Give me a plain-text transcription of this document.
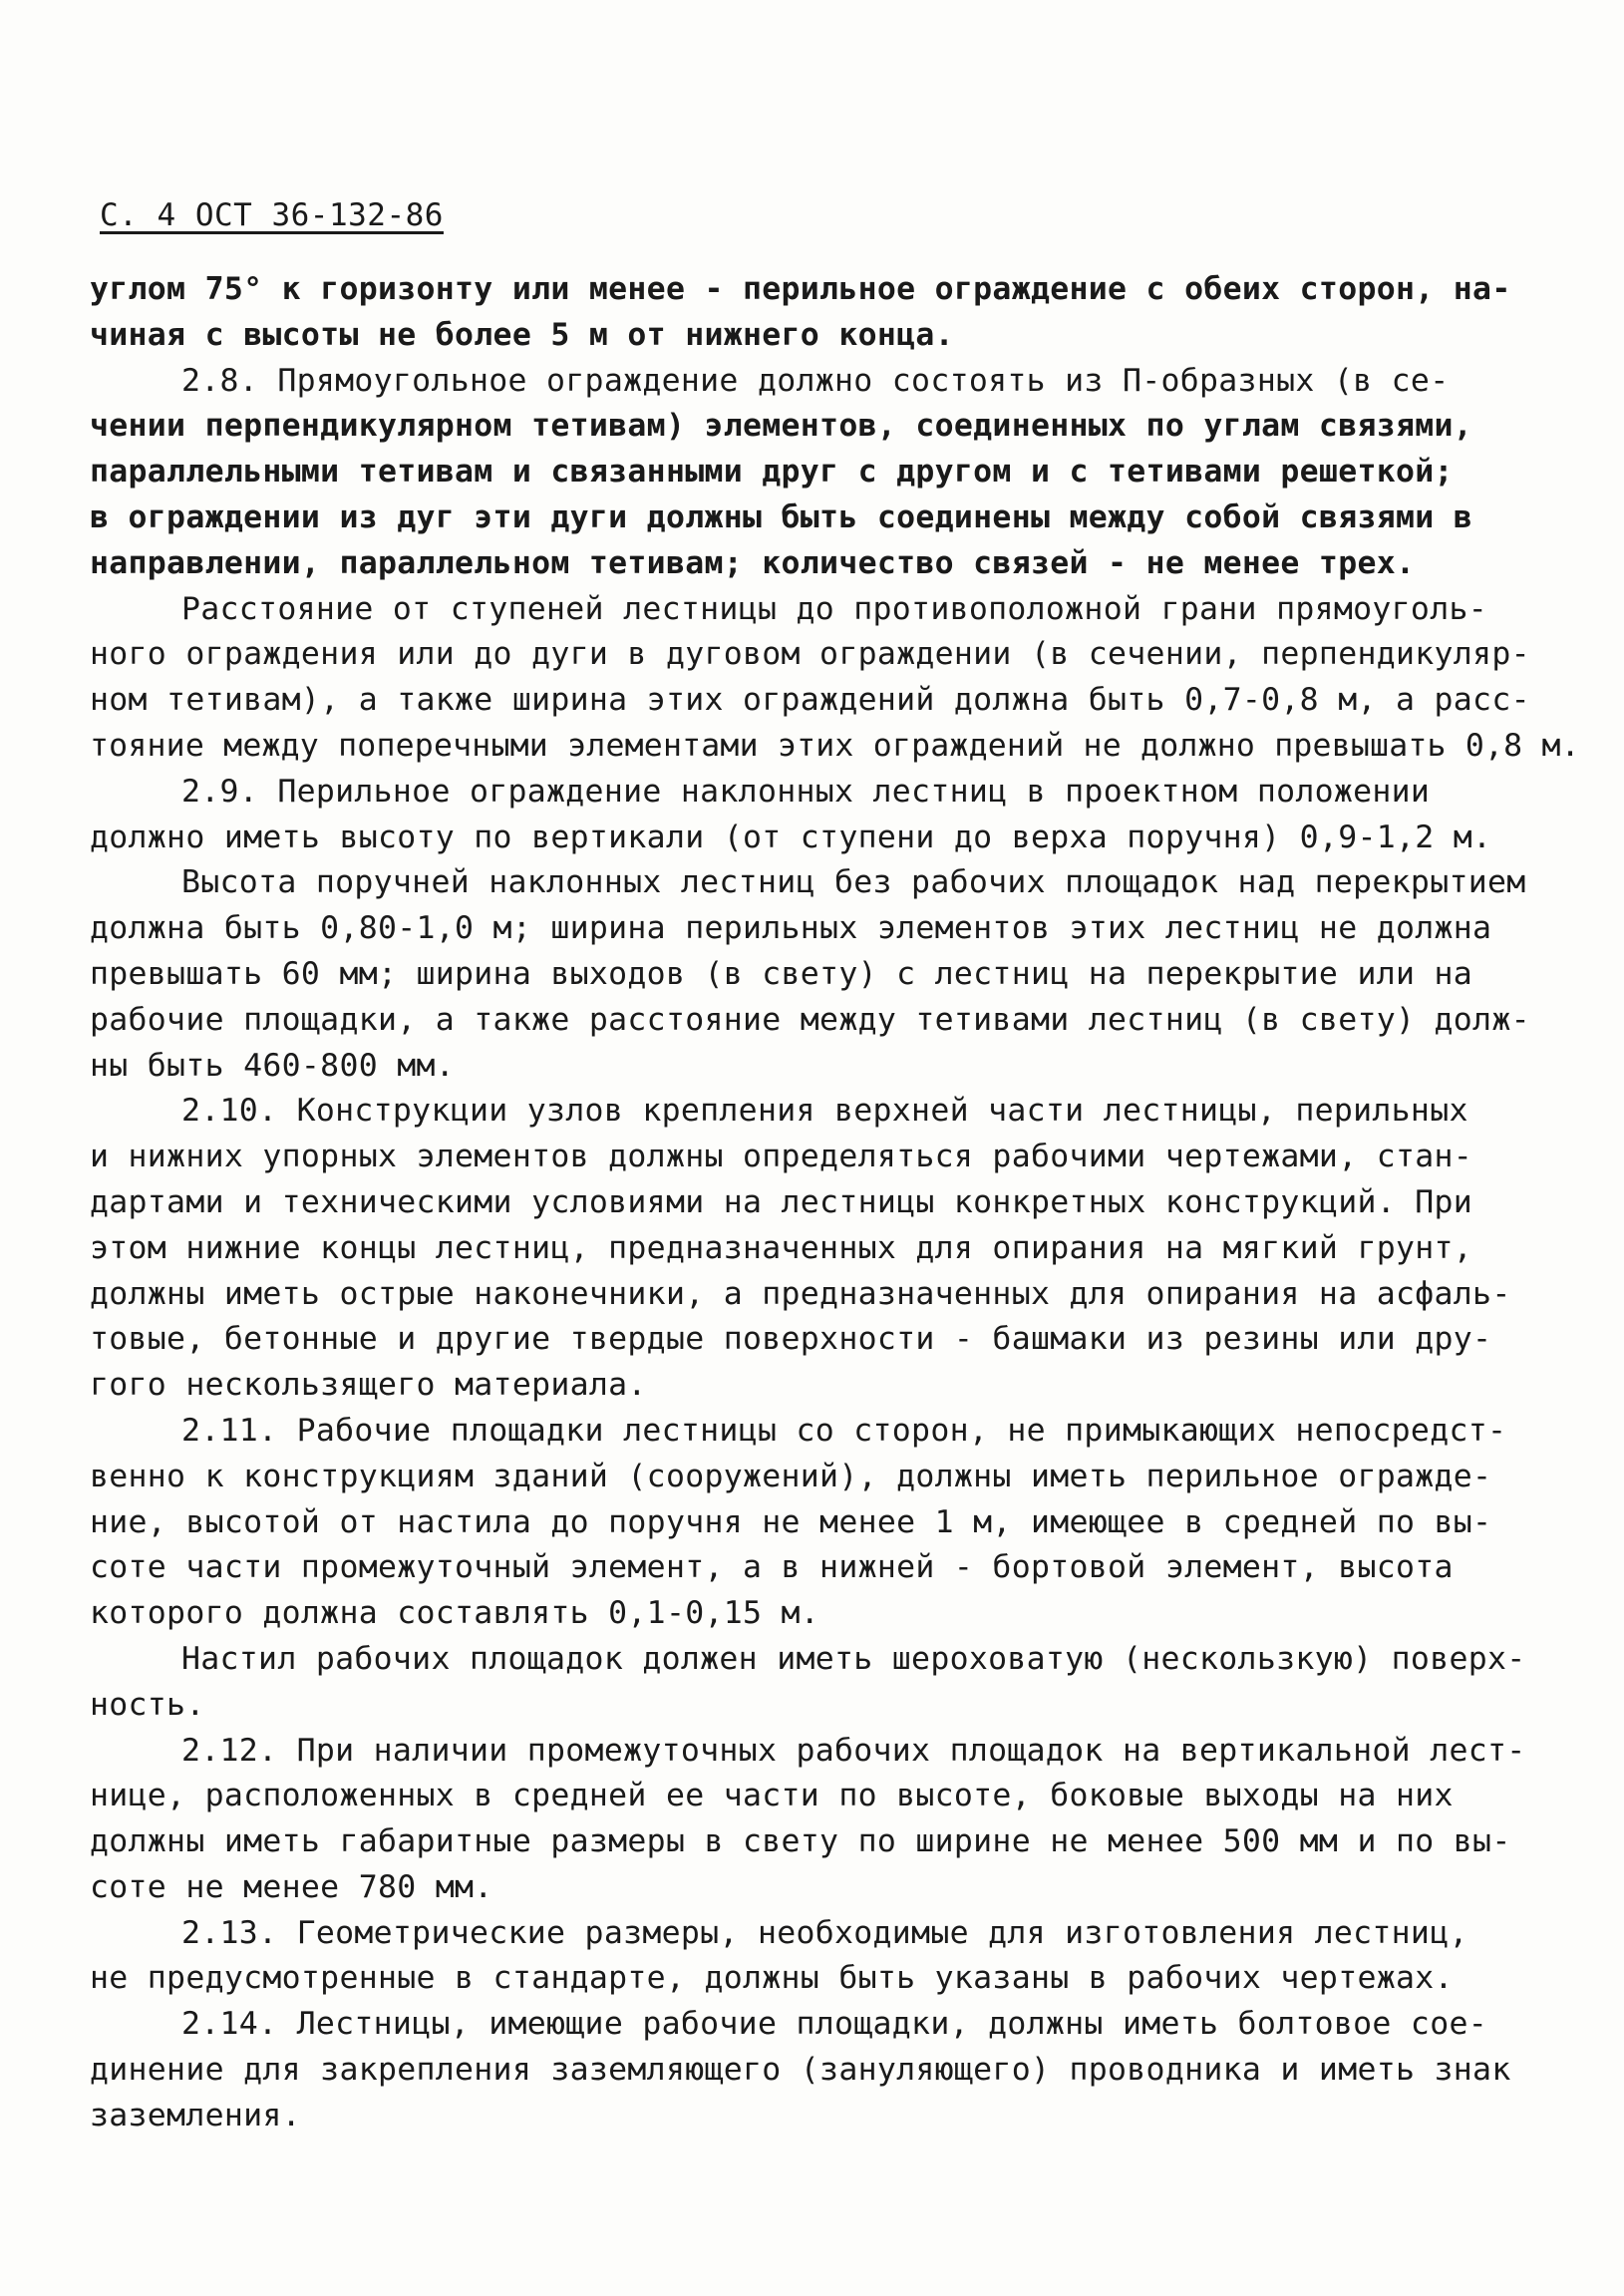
С. 4 ОСТ 36-132-86
углом 75° к горизонту или менее - перильное ограждение с обеих сторон, на-
чиная с высоты не более 5 м от нижнего конца.
2.8. Прямоугольное ограждение должно состоять из П-образных (в се-
чении перпендикулярном тетивам) элементов, соединенных по углам связями,
параллельными тетивам и связанными друг с другом и с тетивами решеткой;
в ограждении из дуг эти дуги должны быть соединены между собой связями в
направлении, параллельном тетивам; количество связей - не менее трех.
Расстояние от ступеней лестницы до противоположной грани прямоуголь-
ного ограждения или до дуги в дуговом ограждении (в сечении, перпендикуляр-
ном тетивам), а также ширина этих ограждений должна быть 0,7-0,8 м, а расс-
тояние между поперечными элементами этих ограждений не должно превышать 0,8 м.
2.9. Перильное ограждение наклонных лестниц в проектном положении
должно иметь высоту по вертикали (от ступени до верха поручня) 0,9-1,2 м.
Высота поручней наклонных лестниц без рабочих площадок над перекрытием
должна быть 0,80-1,0 м; ширина перильных элементов этих лестниц не должна
превышать 60 мм; ширина выходов (в свету) с лестниц на перекрытие или на
рабочие площадки, а также расстояние между тетивами лестниц (в свету) долж-
ны быть 460-800 мм.
2.10. Конструкции узлов крепления верхней части лестницы, перильных
и нижних упорных элементов должны определяться рабочими чертежами, стан-
дартами и техническими условиями на лестницы конкретных конструкций. При
этом нижние концы лестниц, предназначенных для опирания на мягкий грунт,
должны иметь острые наконечники, а предназначенных для опирания на асфаль-
товые, бетонные и другие твердые поверхности - башмаки из резины или дру-
гого нескользящего материала.
2.11. Рабочие площадки лестницы со сторон, не примыкающих непосредст-
венно к конструкциям зданий (сооружений), должны иметь перильное огражде-
ние, высотой от настила до поручня не менее 1 м, имеющее в средней по вы-
соте части промежуточный элемент, а в нижней - бортовой элемент, высота
которого должна составлять 0,1-0,15 м.
Настил рабочих площадок должен иметь шероховатую (нескользкую) поверх-
ность.
2.12. При наличии промежуточных рабочих площадок на вертикальной лест-
нице, расположенных в средней ее части по высоте, боковые выходы на них
должны иметь габаритные размеры в свету по ширине не менее 500 мм и по вы-
соте не менее 780 мм.
2.13. Геометрические размеры, необходимые для изготовления лестниц,
не предусмотренные в стандарте, должны быть указаны в рабочих чертежах.
2.14. Лестницы, имеющие рабочие площадки, должны иметь болтовое сое-
динение для закрепления заземляющего (зануляющего) проводника и иметь знак
заземления.
